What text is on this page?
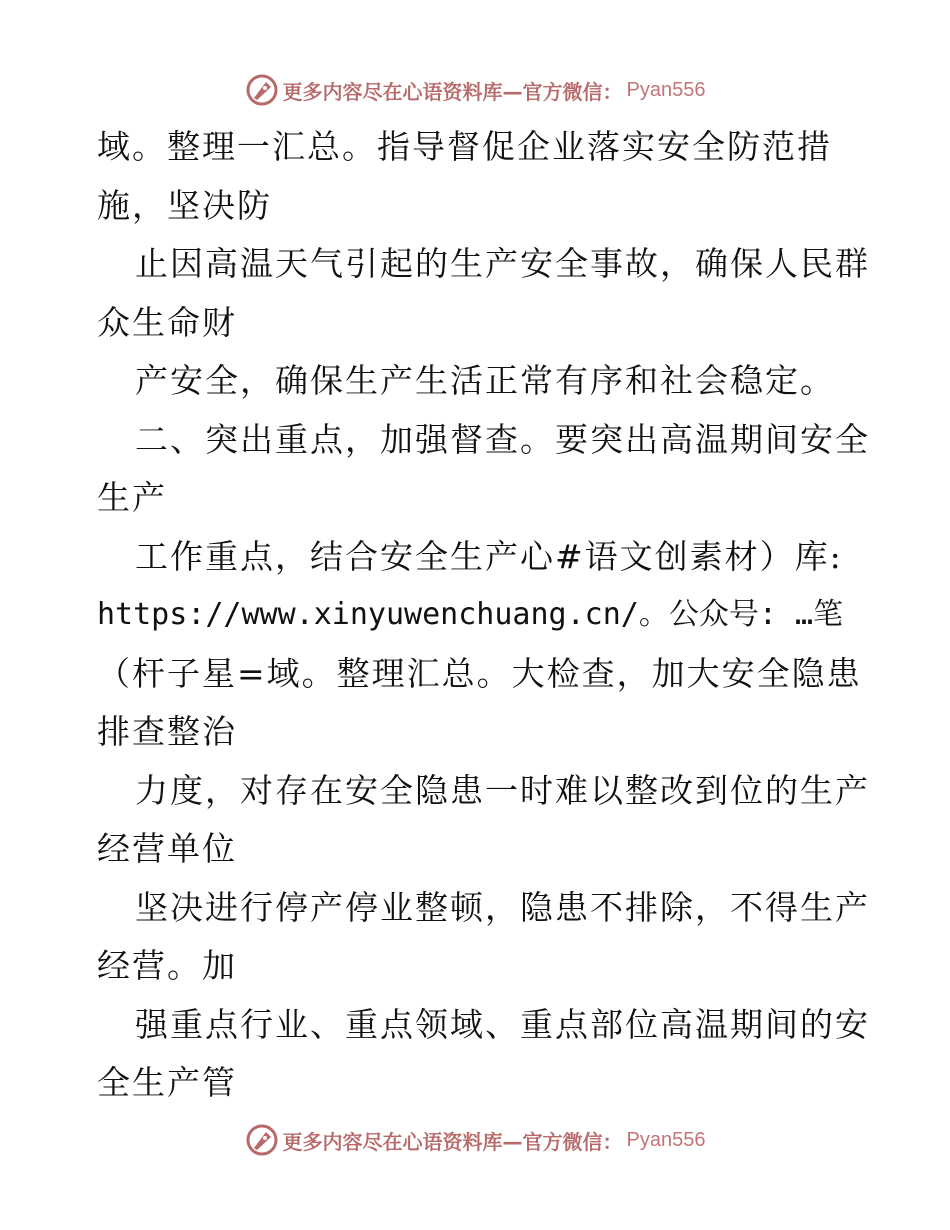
更多内容尽在心语资料库—官方微信： Pyan556
域。整理一汇总。指导督促企业落实安全防范措
施，坚决防
止因高温天气引起的生产安全事故，确保人民群
众生命财
产安全，确保生产生活正常有序和社会稳定。
二、突出重点，加强督查。要突出高温期间安全
生产
工作重点，结合安全生产心#语文创素材）库:
https://www.xinyuwenchuang.cn/。公众号: …笔
（杆子星=域。整理汇总。大检查，加大安全隐患
排查整治
力度，对存在安全隐患一时难以整改到位的生产
经营单位
坚决进行停产停业整顿，隐患不排除，不得生产
经营。加
强重点行业、重点领域、重点部位高温期间的安
全生产管
更多内容尽在心语资料库—官方微信： Pyan556
